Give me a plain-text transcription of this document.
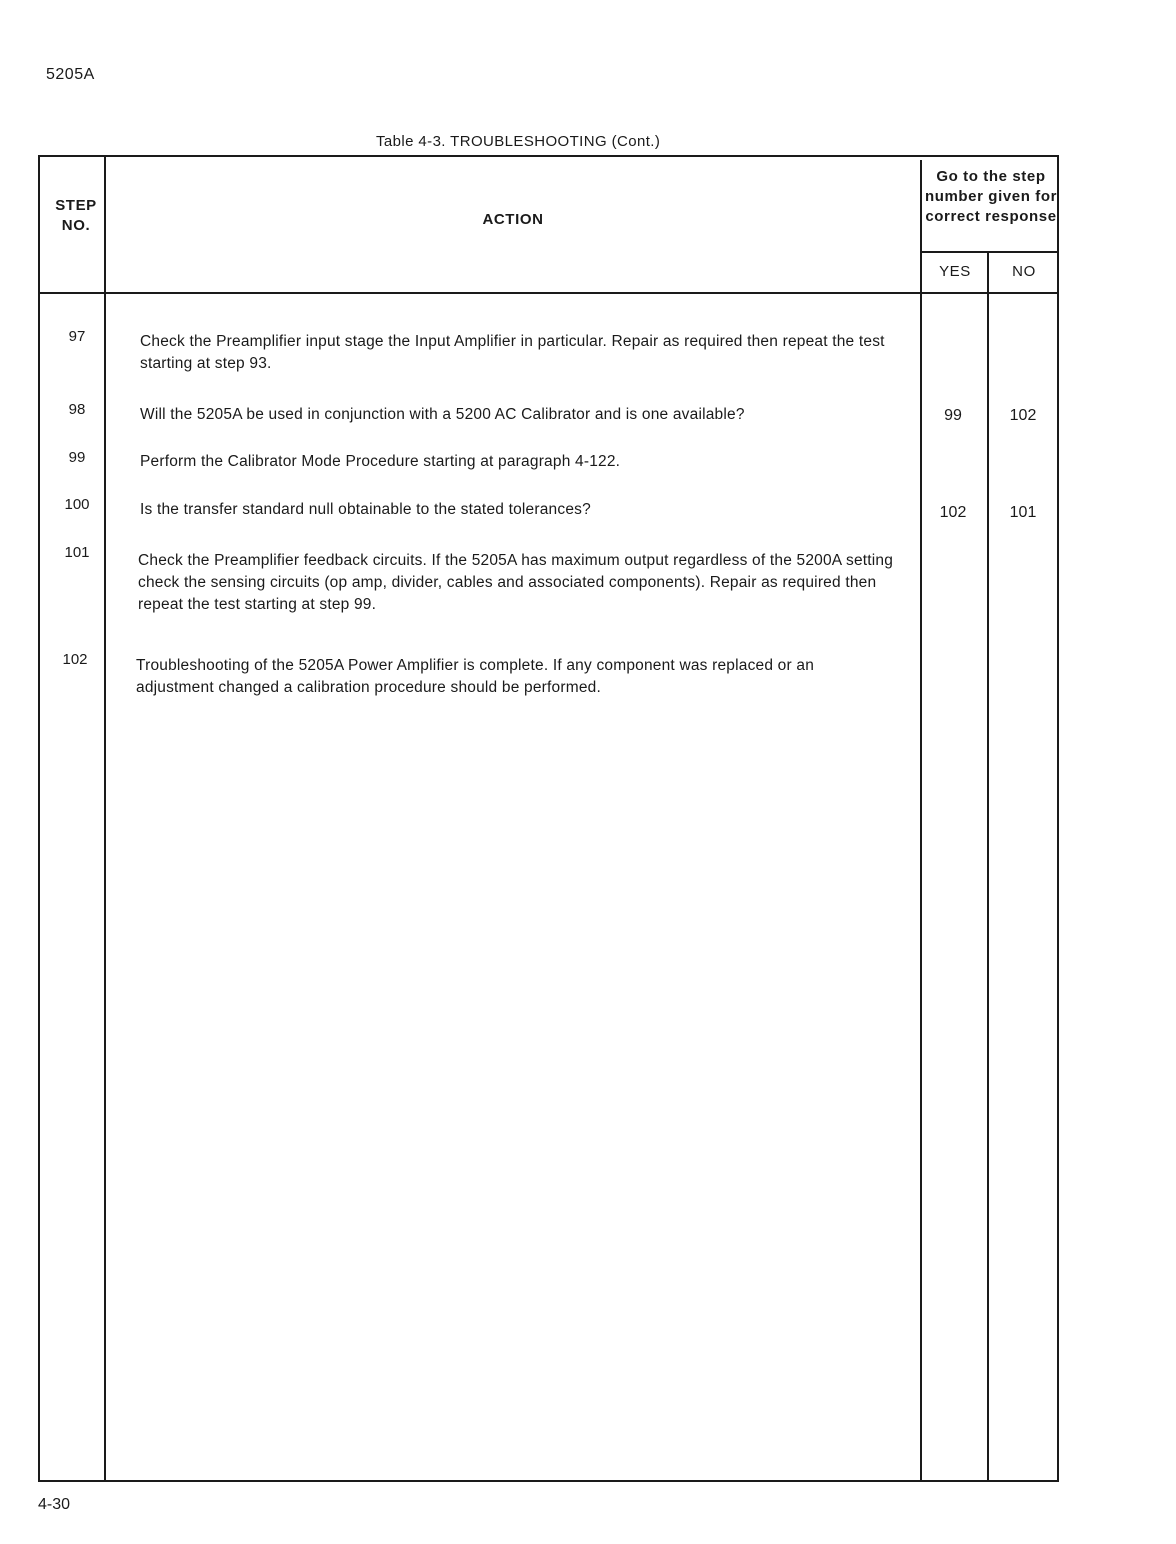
5205A
Table 4-3. TROUBLESHOOTING (Cont.)
STEP NO.	ACTION
Go to the step number given for correct response
YES	NO
97	Check the Preamplifier input stage the Input Amplifier in particular. Repair as required then repeat the test starting at step 93.
98	Will the 5205A be used in conjunction with a 5200 AC Calibrator and is one available?	99	102
99	Perform the Calibrator Mode Procedure starting at paragraph 4-122.
100	Is the transfer standard null obtainable to the stated tolerances?	102	101
101	Check the Preamplifier feedback circuits. If the 5205A has maximum output regardless of the 5200A setting check the sensing circuits (op amp, divider, cables and associated components). Repair as required then repeat the test starting at step 99.
102	Troubleshooting of the 5205A Power Amplifier is complete. If any component was replaced or an adjustment changed a calibration procedure should be performed.
4-30
